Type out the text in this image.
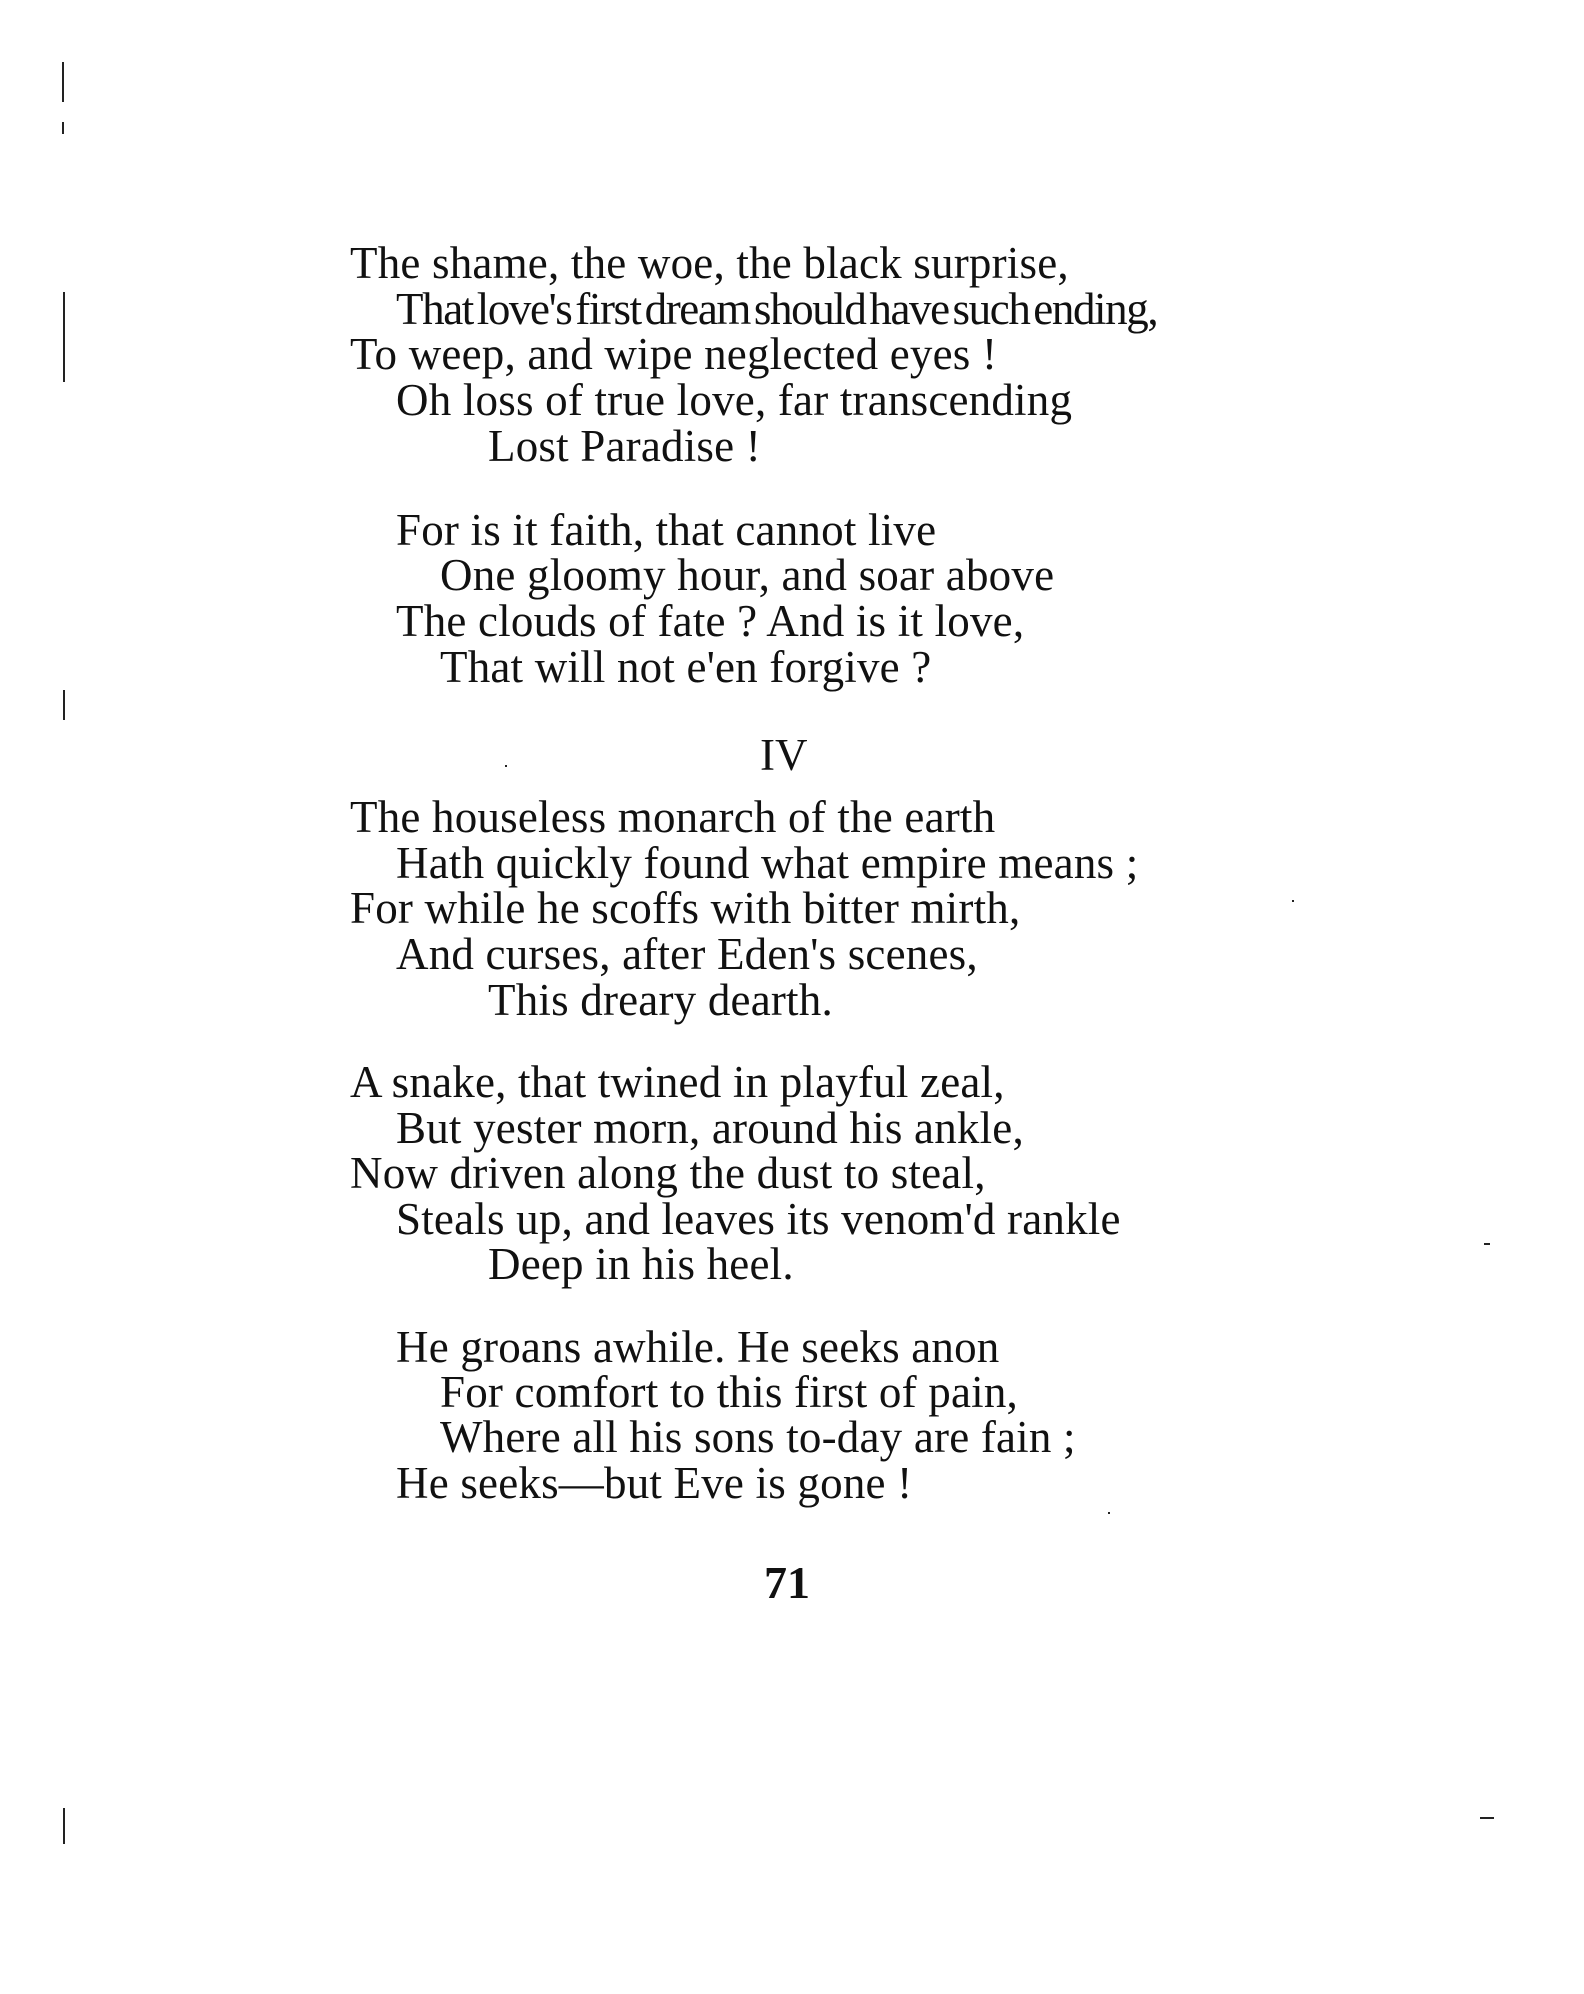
The shame, the woe, the black surprise,
That love's first dream should have such ending,
To weep, and wipe neglected eyes !
Oh loss of true love, far transcending
Lost Paradise !
For is it faith, that cannot live
One gloomy hour, and soar above
The clouds of fate ? And is it love,
That will not e'en forgive ?
IV
The houseless monarch of the earth
Hath quickly found what empire means ;
For while he scoffs with bitter mirth,
And curses, after Eden's scenes,
This dreary dearth.
A snake, that twined in playful zeal,
But yester morn, around his ankle,
Now driven along the dust to steal,
Steals up, and leaves its venom'd rankle
Deep in his heel.
He groans awhile. He seeks anon
For comfort to this first of pain,
Where all his sons to-day are fain ;
He seeks—but Eve is gone !
71
